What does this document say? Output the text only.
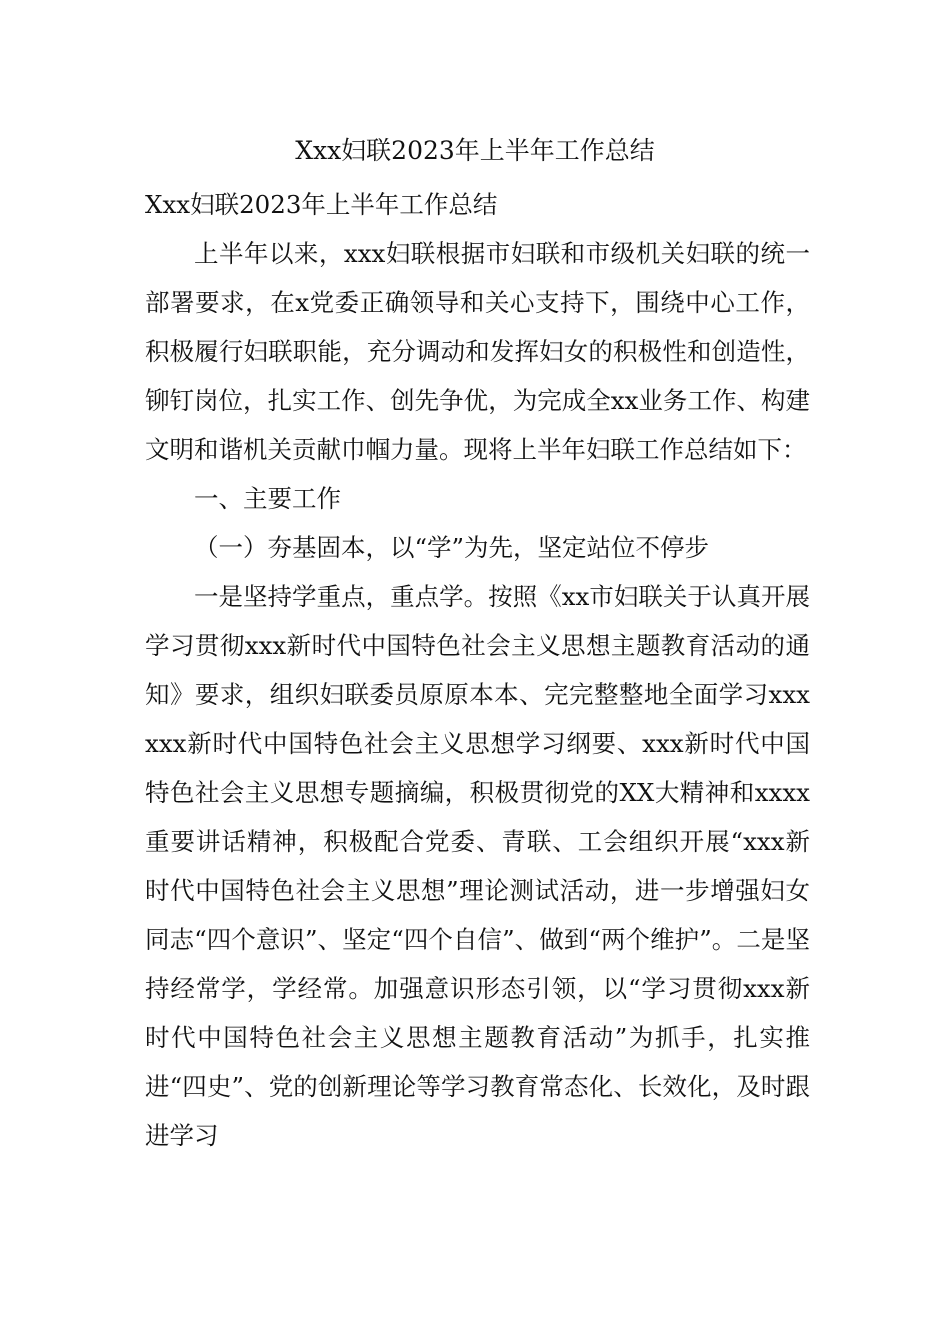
Xxx妇联2023年上半年工作总结

Xxx妇联2023年上半年工作总结

上半年以来，xxx妇联根据市妇联和市级机关妇联的统一部署要求，在x党委正确领导和关心支持下，围绕中心工作，积极履行妇联职能，充分调动和发挥妇女的积极性和创造性，铆钉岗位，扎实工作、创先争优，为完成全xx业务工作、构建文明和谐机关贡献巾帼力量。现将上半年妇联工作总结如下：

一、主要工作

（一）夯基固本，以“学”为先，坚定站位不停步

一是坚持学重点，重点学。按照《xx市妇联关于认真开展学习贯彻xxx新时代中国特色社会主义思想主题教育活动的通知》要求，组织妇联委员原原本本、完完整整地全面学习xxxxxx新时代中国特色社会主义思想学习纲要、xxx新时代中国特色社会主义思想专题摘编，积极贯彻党的XX大精神和xxxx重要讲话精神，积极配合党委、青联、工会组织开展“xxx新时代中国特色社会主义思想”理论测试活动，进一步增强妇女同志“四个意识”、坚定“四个自信”、做到“两个维护”。二是坚持经常学，学经常。加强意识形态引领，以“学习贯彻xxx新时代中国特色社会主义思想主题教育活动”为抓手，扎实推进“四史”、党的创新理论等学习教育常态化、长效化，及时跟进学习
